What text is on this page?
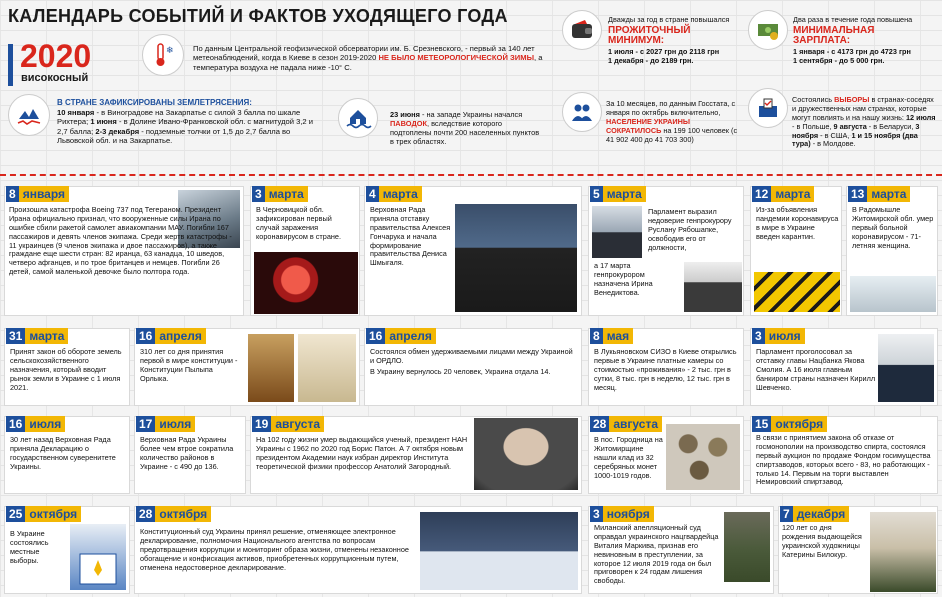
КАЛЕНДАРЬ СОБЫТИЙ И ФАКТОВ УХОДЯЩЕГО ГОДА
2020
високосный
❄	По данным Центральной геофизической обсерватории им. Б. Срезневского, - первый за 140 лет метеонаблюдений, когда в Киеве в сезон 2019-2020 НЕ БЫЛО МЕТЕОРОЛОГИЧЕСКОЙ ЗИМЫ, а температура воздуха не падала ниже -10° С.
В СТРАНЕ ЗАФИКСИРОВАНЫ ЗЕМЛЕТРЯСЕНИЯ:
10 января - в Виноградове на Закарпатье с силой 3 балла по шкале Рихтера; 1 июня - в Долине Ивано-Франковской обл. с магнитудой 3,2 и 2,7 балла; 2-3 декабря - подземные толчки от 1,5 до 2,7 балла во Львовской обл. и на Закарпатье.
23 июня - на западе Украины начался ПАВОДОК, вследствие которого подтоплены почти 200 населенных пунктов в трех областях.
Дважды за год в стране повышался
ПРОЖИТОЧНЫЙ МИНИМУМ:
1 июля - с 2027 грн до 2118 грн
1 декабря - до 2189 грн.
Два раза в течение года повышена
МИНИМАЛЬНАЯ ЗАРПЛАТА:
1 января - с 4173 грн до 4723 грн
1 сентября - до 5 000 грн.
За 10 месяцев, по данным Госстата, с января по октябрь включительно, НАСЕЛЕНИЕ УКРАИНЫ СОКРАТИЛОСЬ на 199 100 человек (с 41 902 400 до 41 703 300)
Состоялись ВЫБОРЫ в странах-соседях и дружественных нам странах, которые могут повлиять и на нашу жизнь: 12 июля - в Польше, 9 августа - в Беларуси, 3 ноября - в США, 1 и 15 ноября (два тура) - в Молдове.
8 января
Произошла катастрофа Boeing 737 под Тегераном. Президент Ирана официально признал, что вооруженные силы Ирана по ошибке сбили ракетой самолет авиакомпании МАУ. Погибли 167 пассажиров и девять членов экипажа. Среди жертв катастрофы - 11 украинцев (9 членов экипажа и двое пассажиров), а также граждане еще шести стран: 82 иранца, 63 канадца, 10 шведов, четверо афганцев, и по трое британцев и немцев. Погибли 26 детей, самой маленькой девочке было полтора года.
3 марта
В Черновицкой обл. зафиксирован первый случай заражения коронавирусом в стране.
4 марта
Верховная Рада приняла отставку правительства Алексея Гончарука и начала формирование правительства Дениса Шмыгаля.
5 марта
Парламент выразил недоверие генпрокурору Руслану Рябошапке, освободив его от должности,
а 17 марта генпрокурором назначена Ирина Венедиктова.
12 марта
Из-за объявления пандемии коронавируса в мире в Украине введен карантин.
13 марта
В Радомышле Житомирской обл. умер первый больной коронавирусом - 71-летняя женщина.
31 марта
Принят закон об обороте земель сельскохозяйственного назначения, который вводит рынок земли в Украине с 1 июля 2021.
16 апреля
310 лет со дня принятия первой в мире конституции - Конституции Пылыпа Орлыка.
16 апреля
Состоялся обмен удерживаемыми лицами между Украиной и ОРДЛО.
В Украину вернулось 20 человек, Украина отдала 14.
8 мая
В Лукьяновском СИЗО в Киеве открылись первые в Украине платные камеры со стоимостью «проживания» - 2 тыс. грн в сутки, 8 тыс. грн в неделю, 12 тыс. грн в месяц.
3 июля
Парламент проголосовал за отставку главы Нацбанка Якова Смолия. А 16 июля главным банкиром страны назначен Кирилл Шевченко.
16 июля
30 лет назад Верховная Рада приняла Декларацию о государственном суверенитете Украины.
17 июля
Верховная Рада Украины более чем втрое сократила количество районов в Украине - с 490 до 136.
19 августа
На 102 году жизни умер выдающийся ученый, президент НАН Украины с 1962 по 2020 год Борис Патон. А 7 октября новым президентом Академии наук избран директор Института теоретической физики профессор Анатолий Загородный.
28 августа
В пос. Городница на Житомирщине нашли клад из 32 серебряных монет 1000-1019 годов.
15 октября
В связи с принятием закона об отказе от госмонополии на производство спирта, состоялся первый аукцион по продаже Фондом госимущества спиртзаводов, которых всего - 83, но работающих - только 14. Первым на торги выставлен Немировский спиртзавод.
25 октября
В Украине состоялись местные выборы.
28 октября
Конституционный суд Украины принял решение, отменяющее электронное декларирование, полномочия Национального агентства по вопросам предотвращения коррупции и мониторинг образа жизни, отменены незаконное обогащение и конфискация активов, приобретенных коррупционным путем, отменена недостоверное декларирование.
3 ноября
Миланский апелляционный суд оправдал украинского нацгвардейца Виталия Маркива, признав его невиновным в преступлении, за которое 12 июля 2019 года он был приговорен к 24 годам лишения свободы.
7 декабря
120 лет со дня рождения выдающейся украинской художницы Катерины Билокур.
